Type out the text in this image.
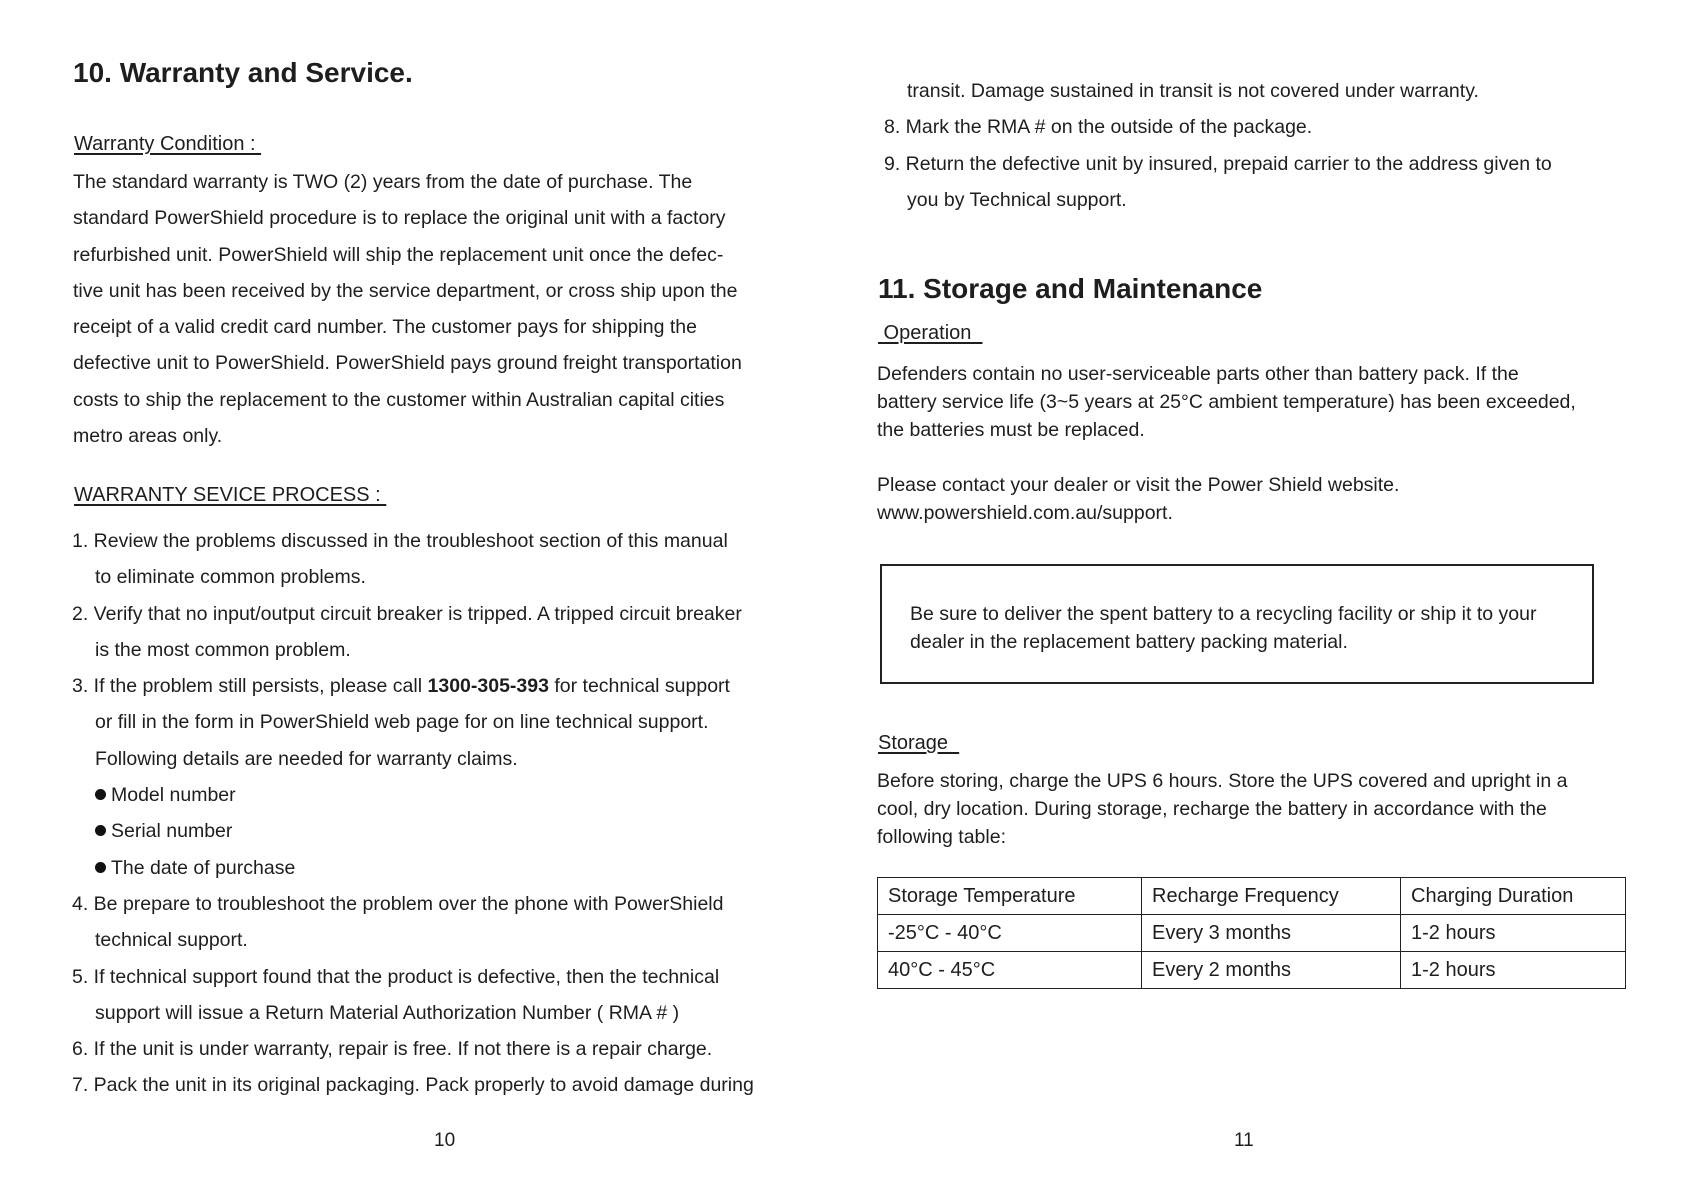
10. Warranty and Service.
Warranty Condition :
The standard warranty is TWO (2) years from the date of purchase. The
standard PowerShield procedure is to replace the original unit with a factory
refurbished unit. PowerShield will ship the replacement unit once the defec-
tive unit has been received by the service department, or cross ship upon the
receipt of a valid credit card number. The customer pays for shipping the
defective unit to PowerShield. PowerShield pays ground freight transportation
costs to ship the replacement to the customer within Australian capital cities
metro areas only.
WARRANTY SEVICE PROCESS :
1. Review the problems discussed in the troubleshoot section of this manual
to eliminate common problems.
2. Verify that no input/output circuit breaker is tripped. A tripped circuit breaker
is the most common problem.
3. If the problem still persists, please call 1300-305-393 for technical support
or fill in the form in PowerShield web page for on line technical support.
Following details are needed for warranty claims.
Model number
Serial number
The date of purchase
4. Be prepare to troubleshoot the problem over the phone with PowerShield
technical support.
5. If technical support found that the product is defective, then the technical
support will issue a Return Material Authorization Number ( RMA # )
6. If the unit is under warranty, repair is free. If not there is a repair charge.
7. Pack the unit in its original packaging. Pack properly to avoid damage during
10
transit. Damage sustained in transit is not covered under warranty.
8. Mark the RMA # on the outside of the package.
9. Return the defective unit by insured, prepaid carrier to the address given to
you by Technical support.
11. Storage and Maintenance
Operation
Defenders contain no user-serviceable parts other than battery pack. If the
battery service life (3~5 years at 25°C ambient temperature) has been exceeded,
the batteries must be replaced.
Please contact your dealer or visit the Power Shield website.
www.powershield.com.au/support.
Be sure to deliver the spent battery to a recycling facility or ship it to your
dealer in the replacement battery packing material.
Storage
Before storing, charge the UPS 6 hours. Store the UPS covered and upright in a
cool, dry location. During storage, recharge the battery in accordance with the
following table:
Storage Temperature	Recharge Frequency	Charging Duration
-25°C - 40°C	Every 3 months	1-2 hours
40°C - 45°C	Every 2 months	1-2 hours
11
